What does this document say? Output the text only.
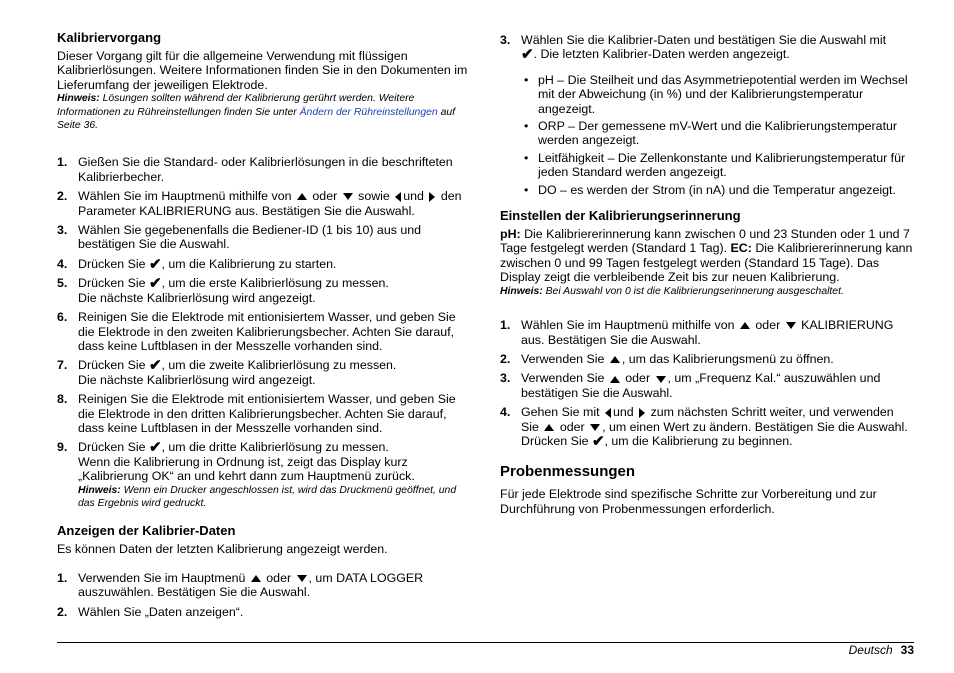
Kalibriervorgang

Dieser Vorgang gilt für die allgemeine Verwendung mit flüssigen Kalibrierlösungen. Weitere Informationen finden Sie in den Dokumenten im Lieferumfang der jeweiligen Elektrode.

Hinweis: Lösungen sollten während der Kalibrierung gerührt werden. Weitere Informationen zu Rühreinstellungen finden Sie unter Ändern der Rühreinstellungen auf Seite 36.
1. Gießen Sie die Standard- oder Kalibrierlösungen in die beschrifteten Kalibrierbecher.
2. Wählen Sie im Hauptmenü mithilfe von oder sowie und den Parameter KALIBRIERUNG aus. Bestätigen Sie die Auswahl.
3. Wählen Sie gegebenenfalls die Bediener-ID (1 bis 10) aus und bestätigen Sie die Auswahl.
4. Drücken Sie ✔, um die Kalibrierung zu starten.
5. Drücken Sie ✔, um die erste Kalibrierlösung zu messen.
Die nächste Kalibrierlösung wird angezeigt.
6. Reinigen Sie die Elektrode mit entionisiertem Wasser, und geben Sie die Elektrode in den zweiten Kalibrierungsbecher. Achten Sie darauf, dass keine Luftblasen in der Messzelle vorhanden sind.
7. Drücken Sie ✔, um die zweite Kalibrierlösung zu messen.
Die nächste Kalibrierlösung wird angezeigt.
8. Reinigen Sie die Elektrode mit entionisiertem Wasser, und geben Sie die Elektrode in den dritten Kalibrierungsbecher. Achten Sie darauf, dass keine Luftblasen in der Messzelle vorhanden sind.
9. Drücken Sie ✔, um die dritte Kalibrierlösung zu messen.
Wenn die Kalibrierung in Ordnung ist, zeigt das Display kurz „Kalibrierung OK“ an und kehrt dann zum Hauptmenü zurück.
Hinweis: Wenn ein Drucker angeschlossen ist, wird das Druckmenü geöffnet, und das Ergebnis wird gedruckt.
Anzeigen der Kalibrier-Daten

Es können Daten der letzten Kalibrierung angezeigt werden.

1. Verwenden Sie im Hauptmenü oder , um DATA LOGGER auszuwählen. Bestätigen Sie die Auswahl.
2. Wählen Sie „Daten anzeigen“.
3. Wählen Sie die Kalibrier-Daten und bestätigen Sie die Auswahl mit
✔. Die letzten Kalibrier-Daten werden angezeigt.
• pH – Die Steilheit und das Asymmetriepotential werden im Wechsel mit der Abweichung (in %) und der Kalibrierungstemperatur angezeigt.
• ORP – Der gemessene mV-Wert und die Kalibrierungstemperatur werden angezeigt.
• Leitfähigkeit – Die Zellenkonstante und Kalibrierungstemperatur für jeden Standard werden angezeigt.
• DO – es werden der Strom (in nA) und die Temperatur angezeigt.
Einstellen der Kalibrierungserinnerung

pH: Die Kalibriererinnerung kann zwischen 0 und 23 Stunden oder 1 und 7 Tage festgelegt werden (Standard 1 Tag). EC: Die Kalibriererinnerung kann zwischen 0 und 99 Tagen festgelegt werden (Standard 15 Tage). Das Display zeigt die verbleibende Zeit bis zur neuen Kalibrierung.

Hinweis: Bei Auswahl von 0 ist die Kalibrierungserinnerung ausgeschaltet.
1. Wählen Sie im Hauptmenü mithilfe von oder KALIBRIERUNG aus. Bestätigen Sie die Auswahl.
2. Verwenden Sie , um das Kalibrierungsmenü zu öffnen.
3. Verwenden Sie oder , um „Frequenz Kal.“ auszuwählen und bestätigen Sie die Auswahl.
4. Gehen Sie mit und zum nächsten Schritt weiter, und verwenden Sie oder , um einen Wert zu ändern. Bestätigen Sie die Auswahl.
Drücken Sie ✔, um die Kalibrierung zu beginnen.
Probenmessungen

Für jede Elektrode sind spezifische Schritte zur Vorbereitung und zur Durchführung von Probenmessungen erforderlich.

Deutsch 33
